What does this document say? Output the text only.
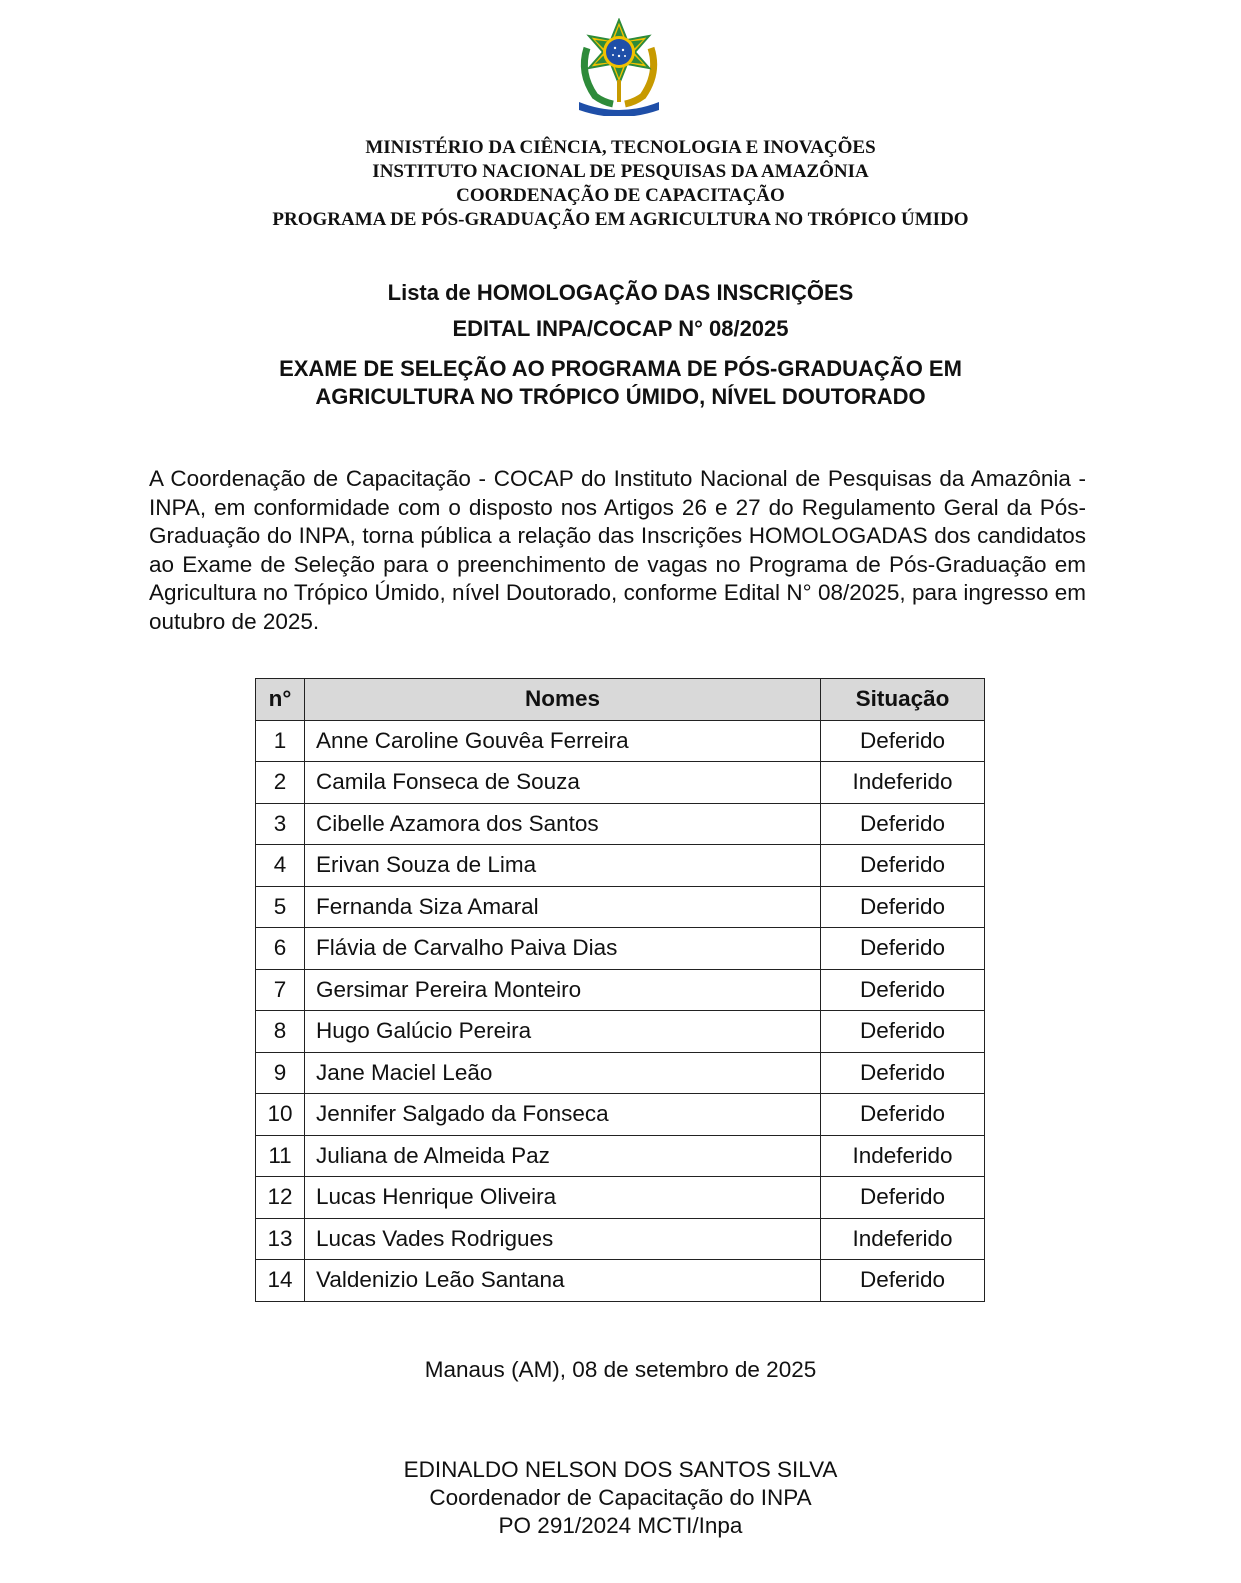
MINISTÉRIO DA CIÊNCIA, TECNOLOGIA E INOVAÇÕES
INSTITUTO NACIONAL DE PESQUISAS DA AMAZÔNIA
COORDENAÇÃO DE CAPACITAÇÃO
PROGRAMA DE PÓS-GRADUAÇÃO EM AGRICULTURA NO TRÓPICO ÚMIDO
Lista de HOMOLOGAÇÃO DAS INSCRIÇÕES
EDITAL INPA/COCAP N° 08/2025
EXAME DE SELEÇÃO AO PROGRAMA DE PÓS-GRADUAÇÃO EM
AGRICULTURA NO TRÓPICO ÚMIDO, NÍVEL DOUTORADO
A Coordenação de Capacitação - COCAP do Instituto Nacional de Pesquisas da Amazônia - INPA, em conformidade com o disposto nos Artigos 26 e 27 do Regulamento Geral da Pós-Graduação do INPA, torna pública a relação das Inscrições HOMOLOGADAS dos candidatos ao Exame de Seleção para o preenchimento de vagas no Programa de Pós-Graduação em Agricultura no Trópico Úmido, nível Doutorado, conforme Edital N° 08/2025, para ingresso em outubro de 2025.
n°	Nomes	Situação
1	Anne Caroline Gouvêa Ferreira	Deferido
2	Camila Fonseca de Souza	Indeferido
3	Cibelle Azamora dos Santos	Deferido
4	Erivan Souza de Lima	Deferido
5	Fernanda Siza Amaral	Deferido
6	Flávia de Carvalho Paiva Dias	Deferido
7	Gersimar Pereira Monteiro	Deferido
8	Hugo Galúcio Pereira	Deferido
9	Jane Maciel Leão	Deferido
10	Jennifer Salgado da Fonseca	Deferido
11	Juliana de Almeida Paz	Indeferido
12	Lucas Henrique Oliveira	Deferido
13	Lucas Vades Rodrigues	Indeferido
14	Valdenizio Leão Santana	Deferido
Manaus (AM), 08 de setembro de 2025
EDINALDO NELSON DOS SANTOS SILVA
Coordenador de Capacitação do INPA
PO 291/2024 MCTI/Inpa
